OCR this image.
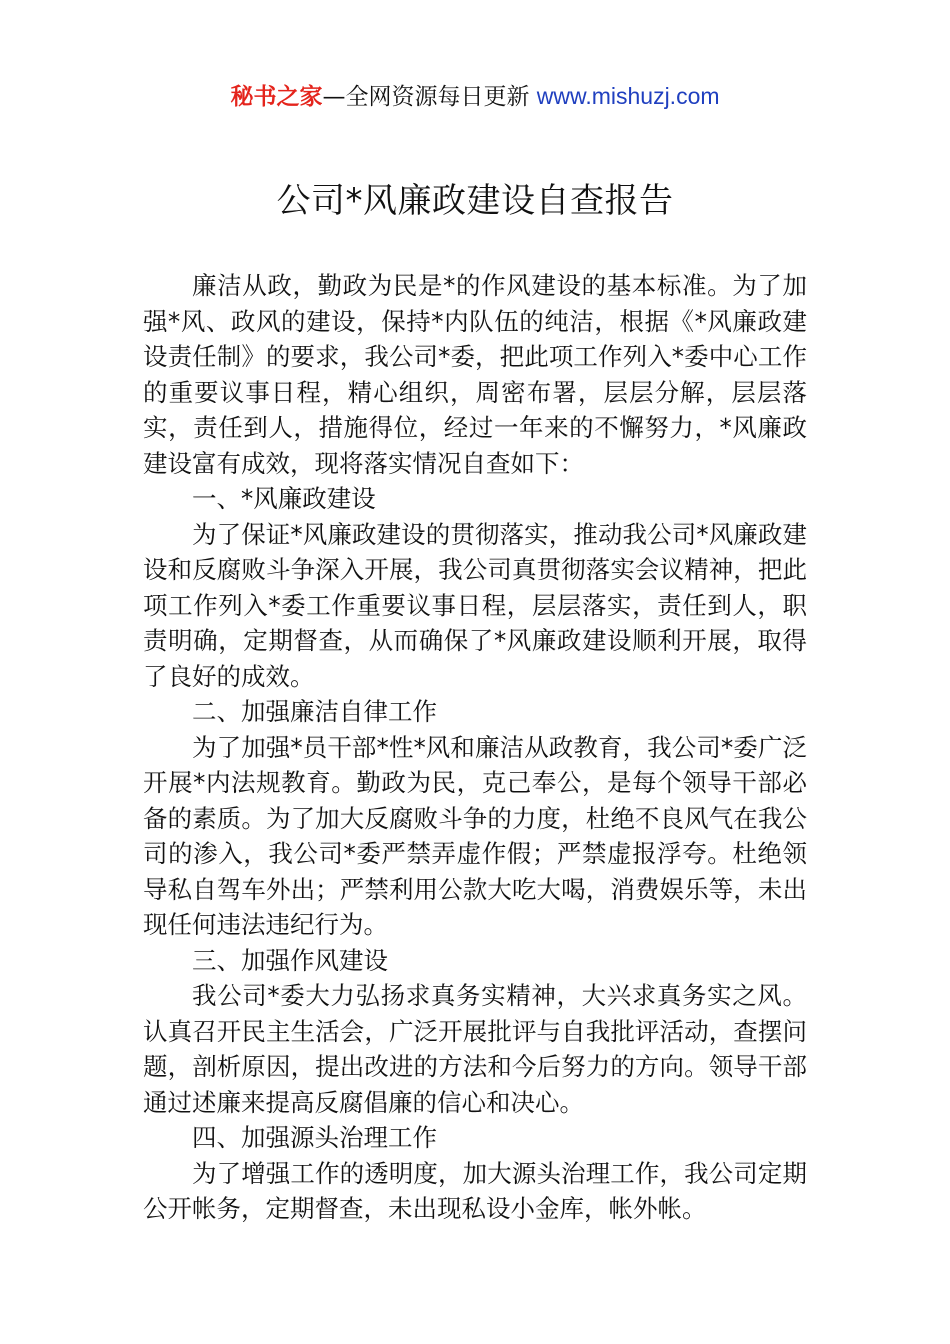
秘书之家—全网资源每日更新 www.mishuzj.com
公司*风廉政建设自查报告

廉洁从政，勤政为民是*的作风建设的基本标准。为了加强*风、政风的建设，保持*内队伍的纯洁，根据《*风廉政建设责任制》的要求，我公司*委，把此项工作列入*委中心工作的重要议事日程，精心组织，周密布署，层层分解，层层落实，责任到人，措施得位，经过一年来的不懈努力，*风廉政建设富有成效，现将落实情况自查如下：

一、*风廉政建设

为了保证*风廉政建设的贯彻落实，推动我公司*风廉政建设和反腐败斗争深入开展，我公司真贯彻落实会议精神，把此项工作列入*委工作重要议事日程，层层落实，责任到人，职责明确，定期督查，从而确保了*风廉政建设顺利开展，取得了良好的成效。

二、加强廉洁自律工作

为了加强*员干部*性*风和廉洁从政教育，我公司*委广泛开展*内法规教育。勤政为民，克己奉公，是每个领导干部必备的素质。为了加大反腐败斗争的力度，杜绝不良风气在我公司的渗入，我公司*委严禁弄虚作假；严禁虚报浮夸。杜绝领导私自驾车外出；严禁利用公款大吃大喝，消费娱乐等，未出现任何违法违纪行为。

三、加强作风建设

我公司*委大力弘扬求真务实精神，大兴求真务实之风。认真召开民主生活会，广泛开展批评与自我批评活动，查摆问题，剖析原因，提出改进的方法和今后努力的方向。领导干部通过述廉来提高反腐倡廉的信心和决心。

四、加强源头治理工作

为了增强工作的透明度，加大源头治理工作，我公司定期公开帐务，定期督查，未出现私设小金库，帐外帐。
